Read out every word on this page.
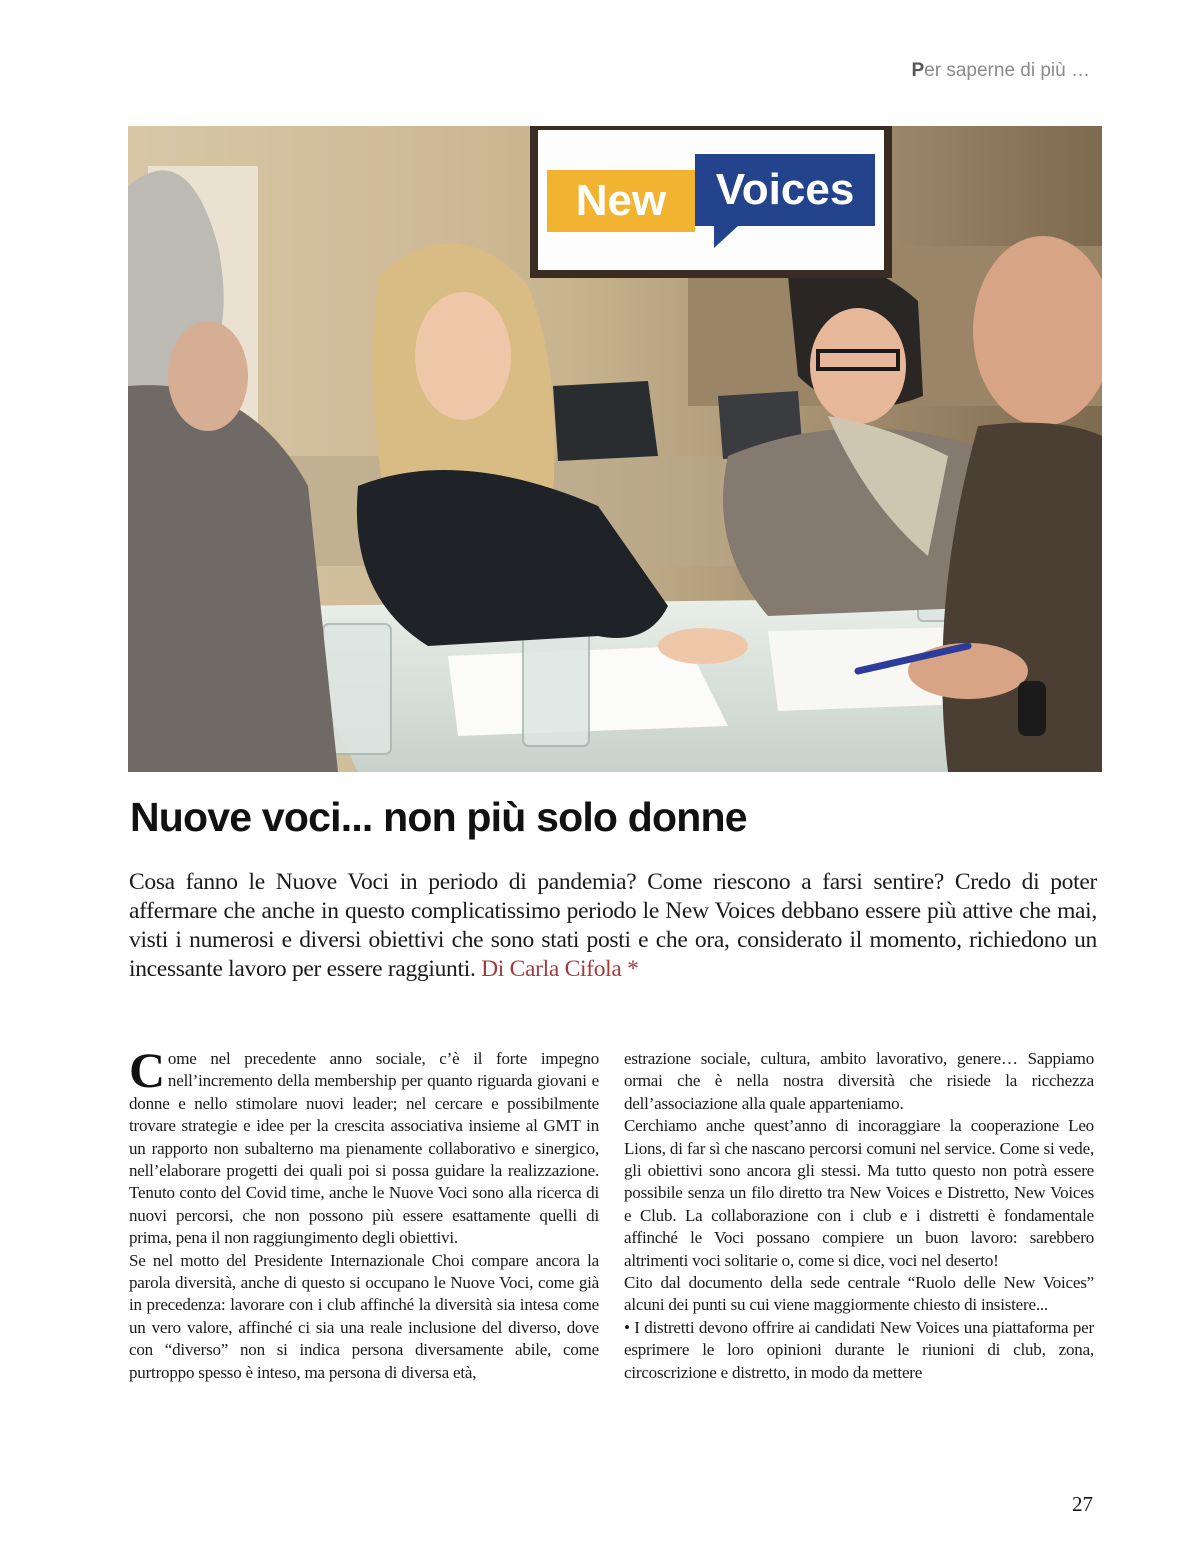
Per saperne di più …
New	Voices
Nuove voci... non più solo donne
Cosa fanno le Nuove Voci in periodo di pandemia? Come riescono a farsi sentire? Credo di poter affermare che anche in questo complicatissimo periodo le New Voices debbano essere più attive che mai, visti i numerosi e diversi obiettivi che sono stati posti e che ora, considerato il momento, richiedono un incessante lavoro per essere raggiunti. Di Carla Cifola *

Come nel precedente anno sociale, c’è il forte impegno nell’incremento della membership per quanto riguarda giovani e donne e nello stimolare nuovi leader; nel cercare e possibilmente trovare strategie e idee per la crescita associativa insieme al GMT in un rapporto non subalterno ma pienamente collaborativo e sinergico, nell’elaborare progetti dei quali poi si possa guidare la realizzazione. Tenuto conto del Covid time, anche le Nuove Voci sono alla ricerca di nuovi percorsi, che non possono più essere esattamente quelli di prima, pena il non raggiungimento degli obiettivi.

Se nel motto del Presidente Internazionale Choi compare ancora la parola diversità, anche di questo si occupano le Nuove Voci, come già in precedenza: lavorare con i club affinché la diversità sia intesa come un vero valore, affinché ci sia una reale inclusione del diverso, dove con “diverso” non si indica persona diversamente abile, come purtroppo spesso è inteso, ma persona di diversa età,

estrazione sociale, cultura, ambito lavorativo, genere… Sappiamo ormai che è nella nostra diversità che risiede la ricchezza dell’associazione alla quale apparteniamo.

Cerchiamo anche quest’anno di incoraggiare la cooperazione Leo Lions, di far sì che nascano percorsi comuni nel service. Come si vede, gli obiettivi sono ancora gli stessi. Ma tutto questo non potrà essere possibile senza un filo diretto tra New Voices e Distretto, New Voices e Club. La collaborazione con i club e i distretti è fondamentale affinché le Voci possano compiere un buon lavoro: sarebbero altrimenti voci solitarie o, come si dice, voci nel deserto!

Cito dal documento della sede centrale “Ruolo delle New Voices” alcuni dei punti su cui viene maggiormente chiesto di insistere...

• I distretti devono offrire ai candidati New Voices una piattaforma per esprimere le loro opinioni durante le riunioni di club, zona, circoscrizione e distretto, in modo da mettere

27
